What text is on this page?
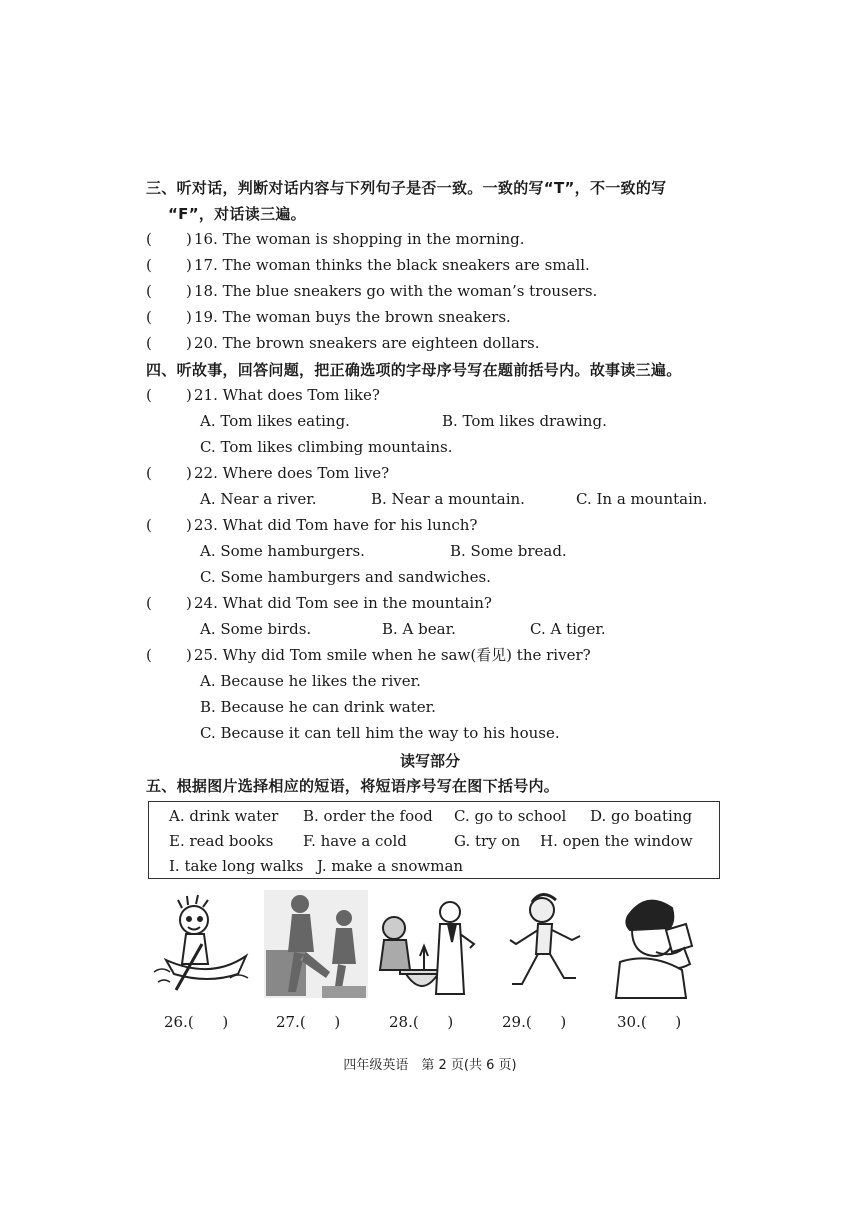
三、听对话，判断对话内容与下列句子是否一致。一致的写“T”，不一致的写
“F”，对话读三遍。
( ) 16. The woman is shopping in the morning.
( ) 17. The woman thinks the black sneakers are small.
( ) 18. The blue sneakers go with the woman’s trousers.
( ) 19. The woman buys the brown sneakers.
( ) 20. The brown sneakers are eighteen dollars.
四、听故事，回答问题，把正确选项的字母序号写在题前括号内。故事读三遍。
( ) 21. What does Tom like?
A. Tom likes eating.	B. Tom likes drawing.
C. Tom likes climbing mountains.
( ) 22. Where does Tom live?
A. Near a river.	B. Near a mountain.	C. In a mountain.
( ) 23. What did Tom have for his lunch?
A. Some hamburgers.	B. Some bread.
C. Some hamburgers and sandwiches.
( ) 24. What did Tom see in the mountain?
A. Some birds.	B. A bear.	C. A tiger.
( ) 25. Why did Tom smile when he saw(看见) the river?
A. Because he likes the river.
B. Because he can drink water.
C. Because it can tell him the way to his house.
读写部分
五、根据图片选择相应的短语，将短语序号写在图下括号内。
A. drink water B. order the food C. go to school D. go boating
E. read books F. have a cold	G. try on H. open the window
I. take long walks J. make a snowman
26.(      )	27.(      )	28.(      )	29.(      )	30.(      )
四年级英语　第 2 页(共 6 页)
